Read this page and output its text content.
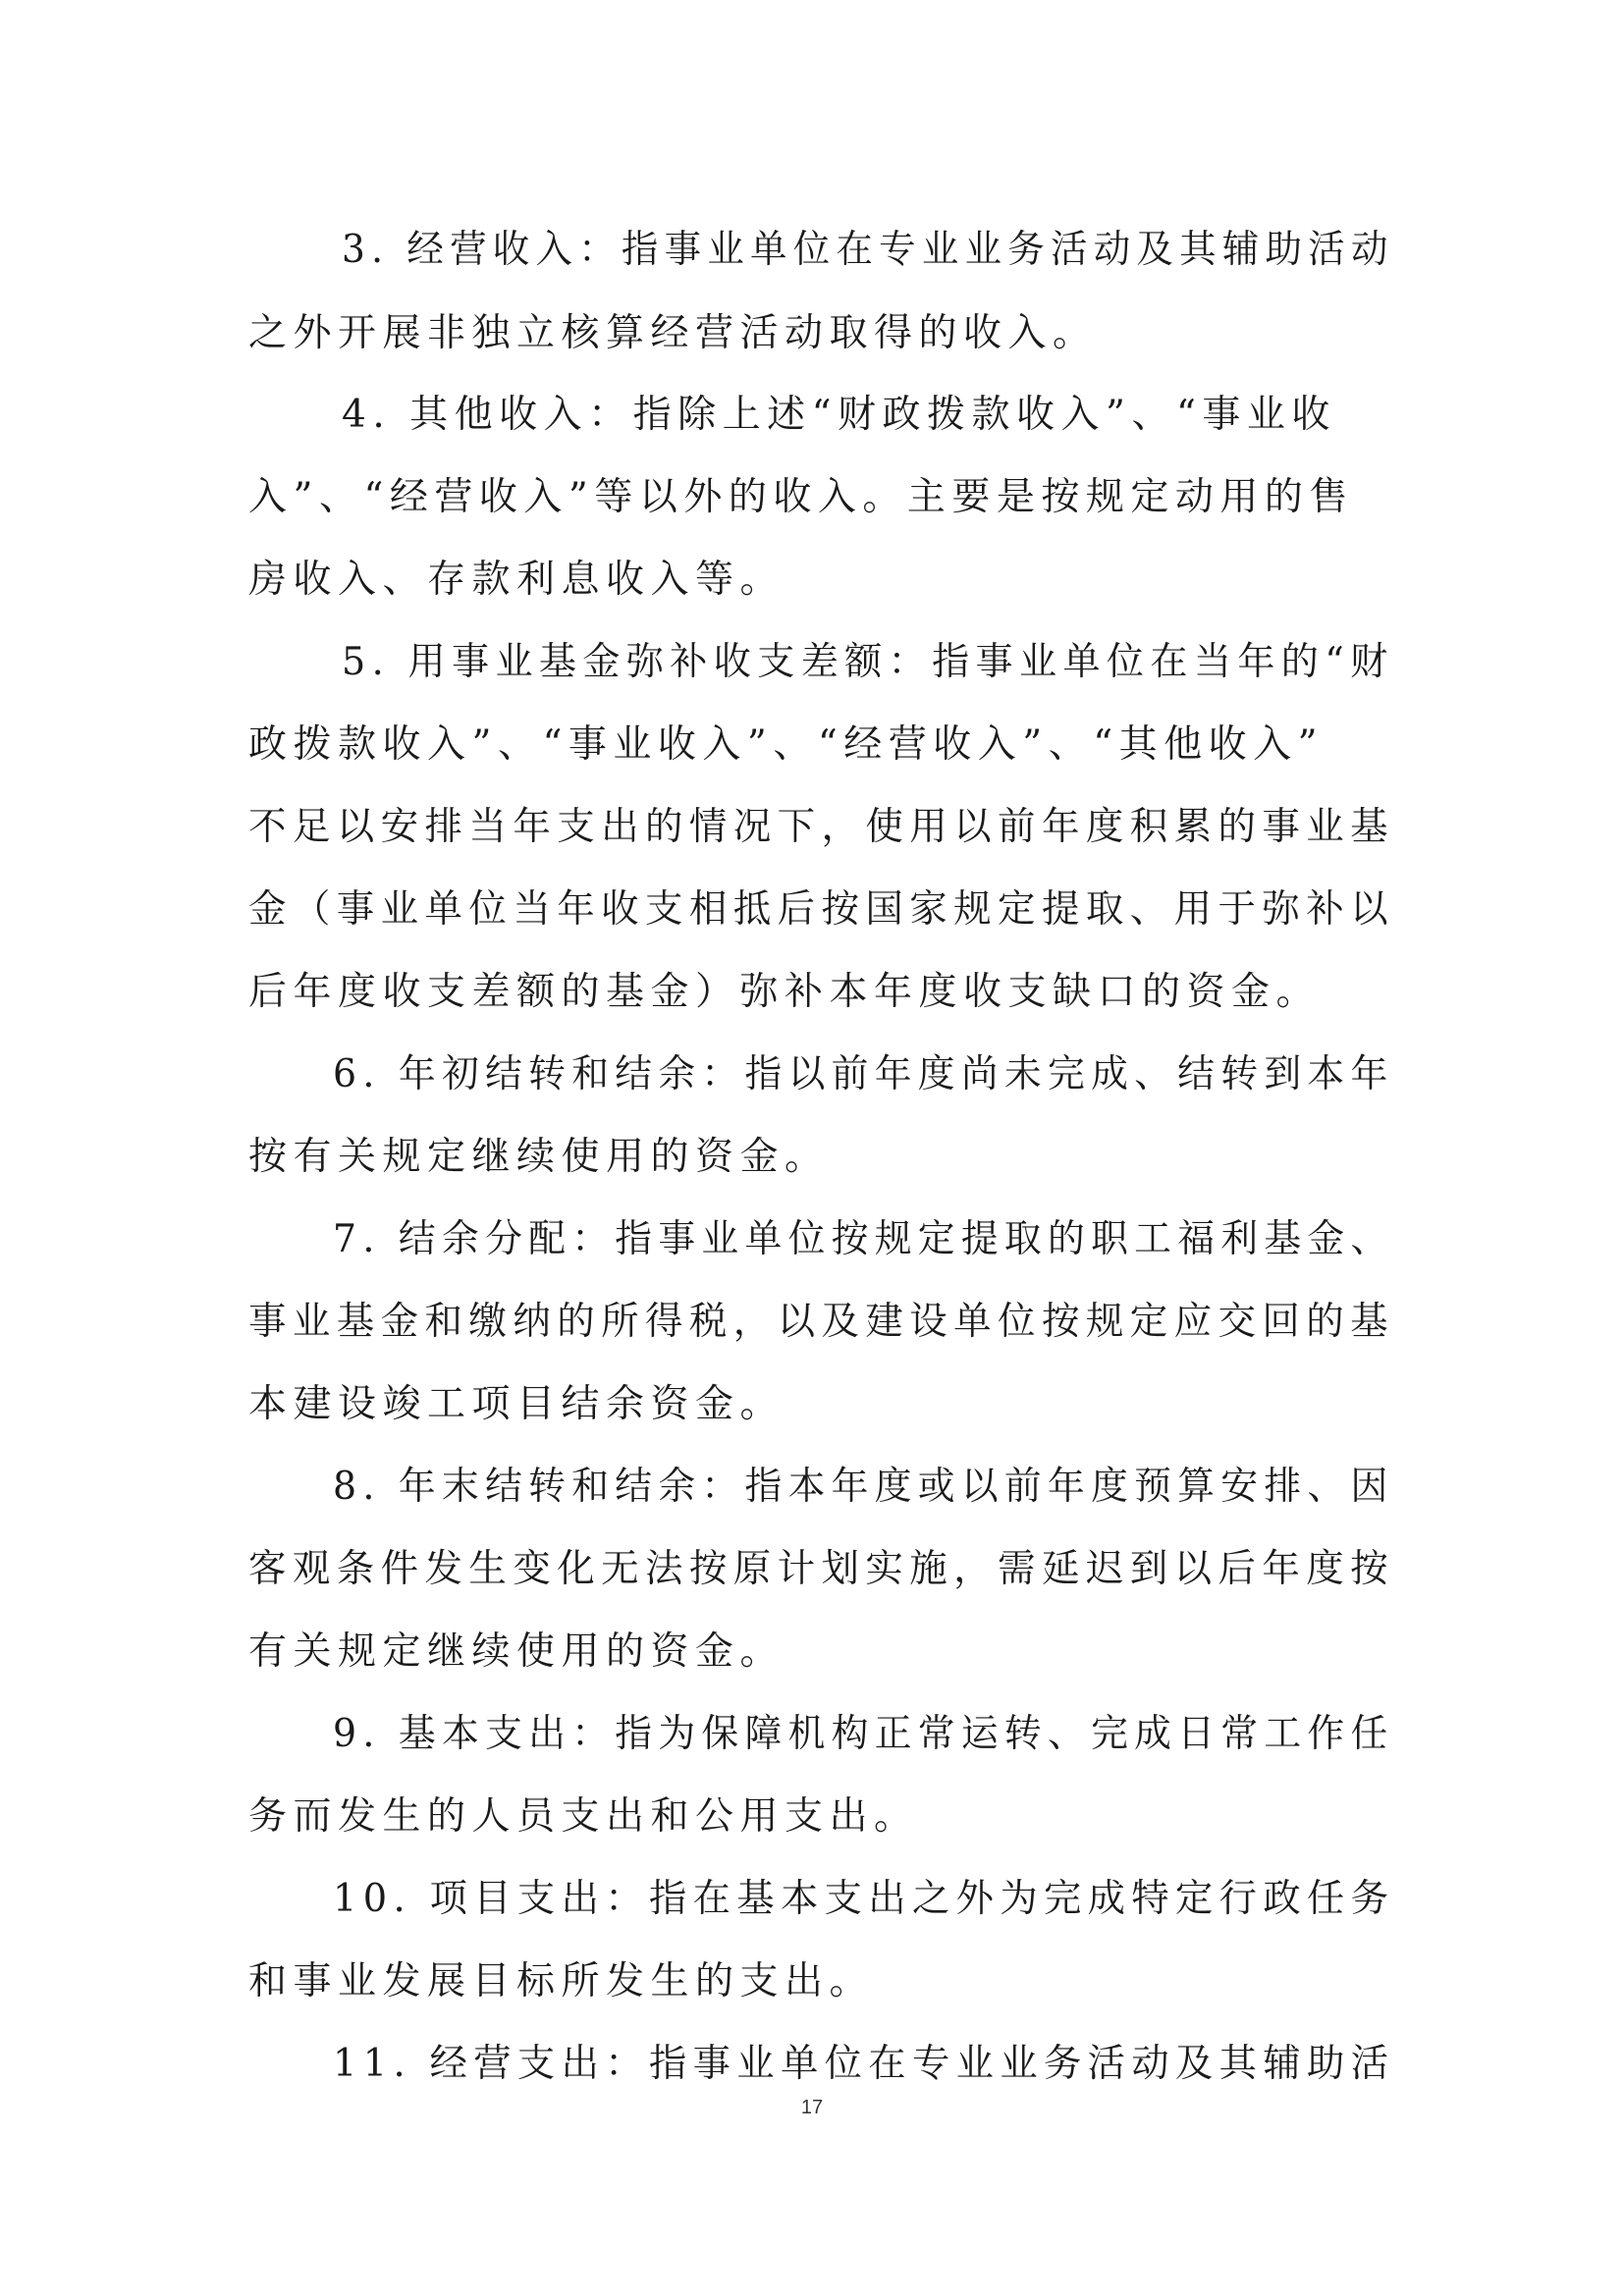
3. 经营收入：指事业单位在专业业务活动及其辅助活动
之外开展非独立核算经营活动取得的收入。
4. 其他收入：指除上述“财政拨款收入”、“事业收
入”、“经营收入”等以外的收入。主要是按规定动用的售
房收入、存款利息收入等。
5. 用事业基金弥补收支差额：指事业单位在当年的“财
政拨款收入”、“事业收入”、“经营收入”、“其他收入”
不足以安排当年支出的情况下，使用以前年度积累的事业基
金（事业单位当年收支相抵后按国家规定提取、用于弥补以
后年度收支差额的基金）弥补本年度收支缺口的资金。
6. 年初结转和结余：指以前年度尚未完成、结转到本年
按有关规定继续使用的资金。
7. 结余分配：指事业单位按规定提取的职工福利基金、
事业基金和缴纳的所得税，以及建设单位按规定应交回的基
本建设竣工项目结余资金。
8. 年末结转和结余：指本年度或以前年度预算安排、因
客观条件发生变化无法按原计划实施，需延迟到以后年度按
有关规定继续使用的资金。
9. 基本支出：指为保障机构正常运转、完成日常工作任
务而发生的人员支出和公用支出。
10. 项目支出：指在基本支出之外为完成特定行政任务
和事业发展目标所发生的支出。
11. 经营支出：指事业单位在专业业务活动及其辅助活
17
